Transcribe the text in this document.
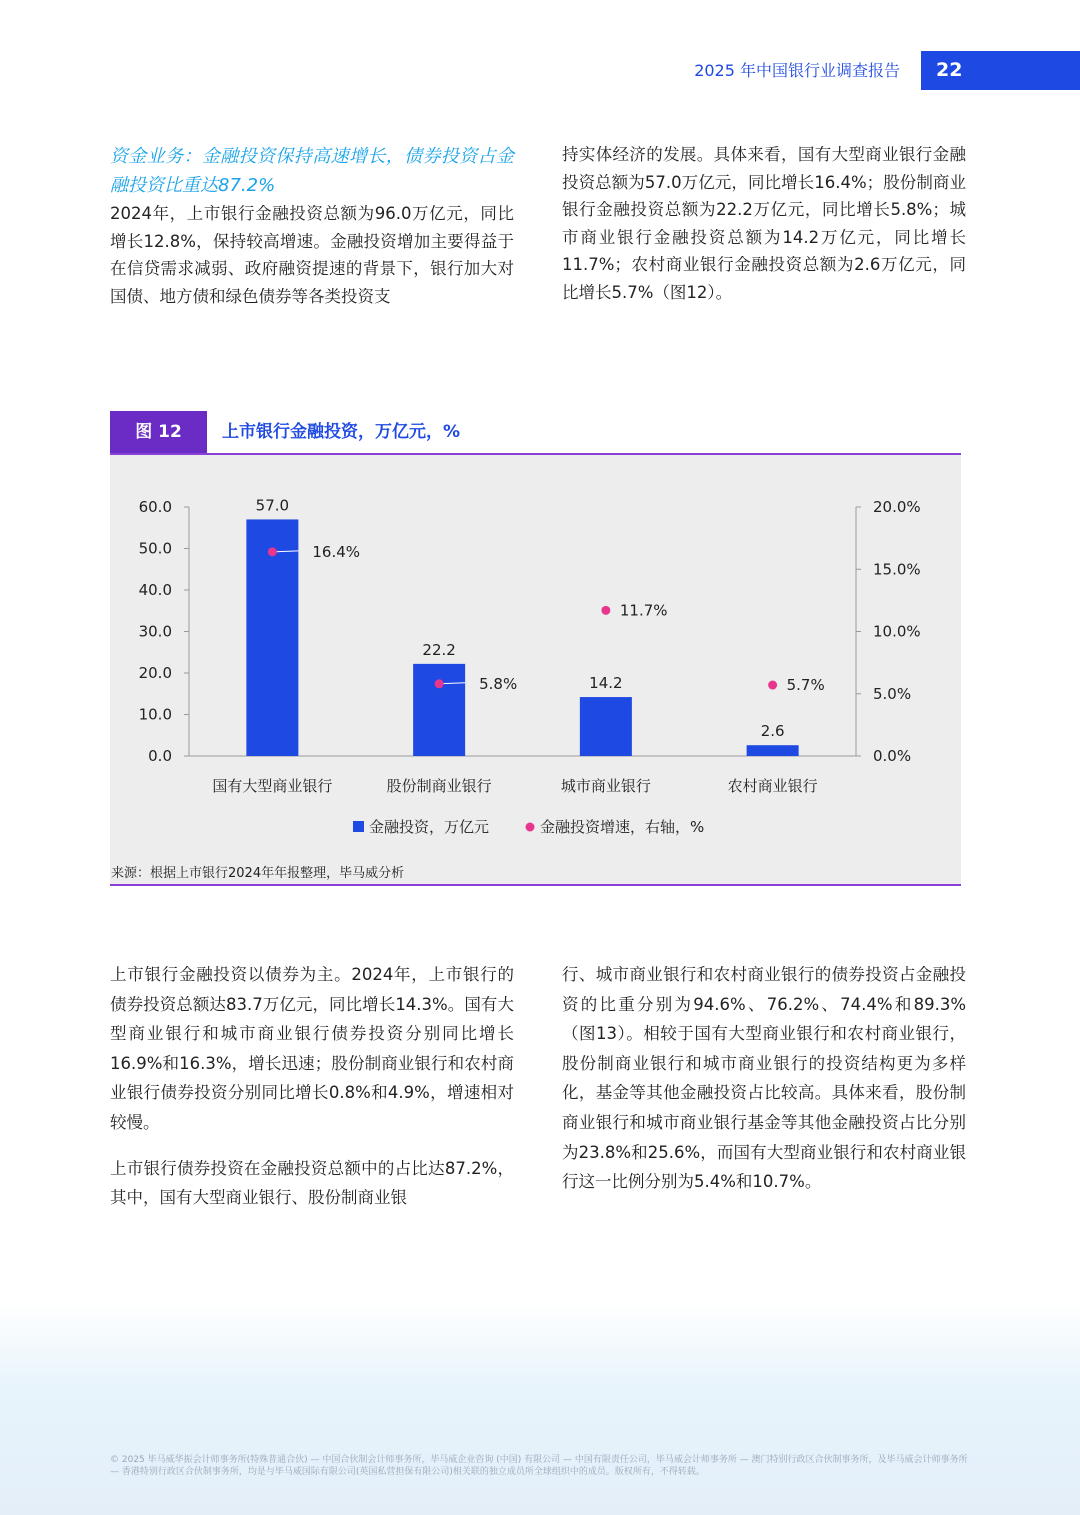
2025 年中国银行业调查报告	22

资金业务：金融投资保持高速增长，债券投资占金融投资比重达87.2%

2024年，上市银行金融投资总额为96.0万亿元，同比增长12.8%，保持较高增速。金融投资增加主要得益于在信贷需求减弱、政府融资提速的背景下，银行加大对国债、地方债和绿色债券等各类投资支

持实体经济的发展。具体来看，国有大型商业银行金融投资总额为57.0万亿元，同比增长16.4%；股份制商业银行金融投资总额为22.2万亿元，同比增长5.8%；城市商业银行金融投资总额为14.2万亿元，同比增长11.7%；农村商业银行金融投资总额为2.6万亿元，同比增长5.7%（图12）。

图 12	上市银行金融投资，万亿元，%
0.0
10.0
20.0
30.0
40.0
50.0
60.0
0.0%
5.0%
10.0%
15.0%
20.0%
57.0
国有大型商业银行
16.4%
22.2
股份制商业银行
5.8%	14.2
城市商业银行
11.7%
2.6
农村商业银行
5.7%
金融投资，万亿元	金融投资增速，右轴，%
来源：根据上市银行2024年年报整理，毕马威分析

上市银行金融投资以债券为主。2024年，上市银行的债券投资总额达83.7万亿元，同比增长14.3%。国有大型商业银行和城市商业银行债券投资分别同比增长16.9%和16.3%，增长迅速；股份制商业银行和农村商业银行债券投资分别同比增长0.8%和4.9%，增速相对较慢。

上市银行债券投资在金融投资总额中的占比达87.2%，其中，国有大型商业银行、股份制商业银

行、城市商业银行和农村商业银行的债券投资占金融投资的比重分别为94.6%、76.2%、74.4%和89.3%（图13）。相较于国有大型商业银行和农村商业银行，股份制商业银行和城市商业银行的投资结构更为多样化，基金等其他金融投资占比较高。具体来看，股份制商业银行和城市商业银行基金等其他金融投资占比分别为23.8%和25.6%，而国有大型商业银行和农村商业银行这一比例分别为5.4%和10.7%。

© 2025 毕马威华振会计师事务所(特殊普通合伙) — 中国合伙制会计师事务所，毕马威企业咨询 (中国) 有限公司 — 中国有限责任公司，毕马威会计师事务所 — 澳门特别行政区合伙制事务所，及毕马威会计师事务所 — 香港特别行政区合伙制事务所，均是与毕马威国际有限公司(英国私营担保有限公司)相关联的独立成员所全球组织中的成员。版权所有，不得转载。
